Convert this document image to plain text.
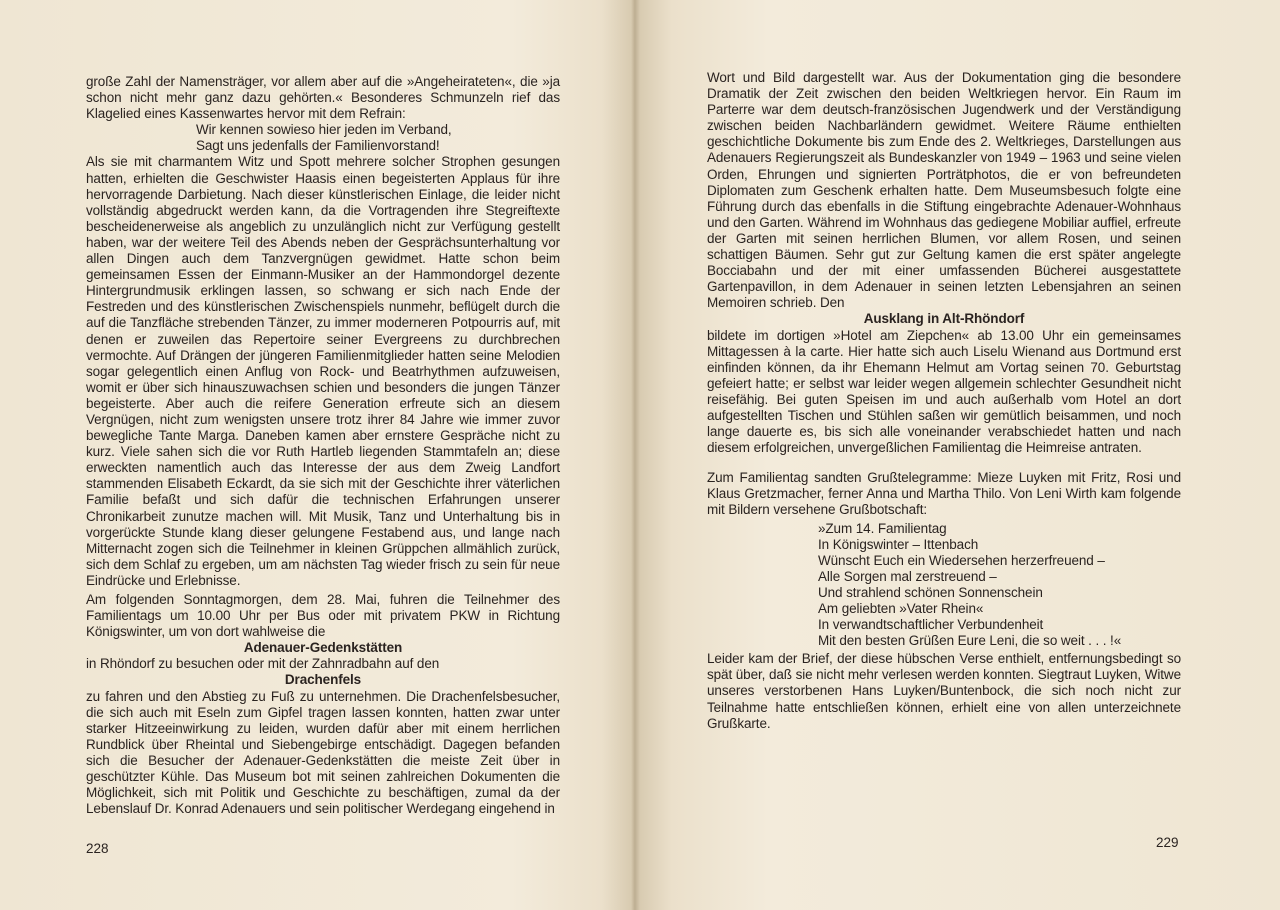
große Zahl der Namensträger, vor allem aber auf die »Angeheirateten«, die »ja schon nicht mehr ganz dazu gehörten.« Besonderes Schmunzeln rief das Klagelied eines Kassenwartes hervor mit dem Refrain:

Wir kennen sowieso hier jeden im Verband,

Sagt uns jedenfalls der Familienvorstand!

Als sie mit charmantem Witz und Spott mehrere solcher Strophen gesungen hatten, erhielten die Geschwister Haasis einen begeisterten Applaus für ihre hervorragende Darbietung. Nach dieser künstlerischen Einlage, die leider nicht vollständig abgedruckt werden kann, da die Vortragenden ihre Stegreiftexte bescheidenerweise als angeblich zu unzulänglich nicht zur Verfügung gestellt haben, war der weitere Teil des Abends neben der Gesprächsunterhaltung vor allen Dingen auch dem Tanzvergnügen gewidmet. Hatte schon beim gemeinsamen Essen der Einmann-Musiker an der Hammondorgel dezente Hintergrundmusik erklingen lassen, so schwang er sich nach Ende der Festreden und des künstlerischen Zwischenspiels nunmehr, beflügelt durch die auf die Tanzfläche strebenden Tänzer, zu immer moderneren Potpourris auf, mit denen er zuweilen das Repertoire seiner Evergreens zu durchbrechen vermochte. Auf Drängen der jüngeren Familienmitglieder hatten seine Melodien sogar gelegentlich einen Anflug von Rock- und Beatrhythmen aufzuweisen, womit er über sich hinauszuwachsen schien und besonders die jungen Tänzer begeisterte. Aber auch die reifere Generation erfreute sich an diesem Vergnügen, nicht zum wenigsten unsere trotz ihrer 84 Jahre wie immer zuvor bewegliche Tante Marga. Daneben kamen aber ernstere Gespräche nicht zu kurz. Viele sahen sich die vor Ruth Hartleb liegenden Stammtafeln an; diese erweckten namentlich auch das Interesse der aus dem Zweig Landfort stammenden Elisabeth Eckardt, da sie sich mit der Geschichte ihrer väterlichen Familie befaßt und sich dafür die technischen Erfahrungen unserer Chronikarbeit zunutze machen will. Mit Musik, Tanz und Unterhaltung bis in vorgerückte Stunde klang dieser gelungene Festabend aus, und lange nach Mitternacht zogen sich die Teilnehmer in kleinen Grüppchen allmählich zurück, sich dem Schlaf zu ergeben, um am nächsten Tag wieder frisch zu sein für neue Eindrücke und Erlebnisse.

Am folgenden Sonntagmorgen, dem 28. Mai, fuhren die Teilnehmer des Familientags um 10.00 Uhr per Bus oder mit privatem PKW in Richtung Königswinter, um von dort wahlweise die

Adenauer-Gedenkstätten

in Rhöndorf zu besuchen oder mit der Zahnradbahn auf den

Drachenfels

zu fahren und den Abstieg zu Fuß zu unternehmen. Die Drachenfelsbesucher, die sich auch mit Eseln zum Gipfel tragen lassen konnten, hatten zwar unter starker Hitzeeinwirkung zu leiden, wurden dafür aber mit einem herrlichen Rundblick über Rheintal und Siebengebirge entschädigt. Dagegen befanden sich die Besucher der Adenauer-Gedenkstätten die meiste Zeit über in geschützter Kühle. Das Museum bot mit seinen zahlreichen Dokumenten die Möglichkeit, sich mit Politik und Geschichte zu beschäftigen, zumal da der Lebenslauf Dr. Konrad Adenauers und sein politischer Werdegang eingehend in

228

Wort und Bild dargestellt war. Aus der Dokumentation ging die besondere Dramatik der Zeit zwischen den beiden Weltkriegen hervor. Ein Raum im Parterre war dem deutsch-französischen Jugendwerk und der Verständigung zwischen beiden Nachbarländern gewidmet. Weitere Räume enthielten geschichtliche Dokumente bis zum Ende des 2. Weltkrieges, Darstellungen aus Adenauers Regierungszeit als Bundeskanzler von 1949 – 1963 und seine vielen Orden, Ehrungen und signierten Porträtphotos, die er von befreundeten Diplomaten zum Geschenk erhalten hatte. Dem Museumsbesuch folgte eine Führung durch das ebenfalls in die Stiftung eingebrachte Adenauer-Wohnhaus und den Garten. Während im Wohnhaus das gediegene Mobiliar auffiel, erfreute der Garten mit seinen herrlichen Blumen, vor allem Rosen, und seinen schattigen Bäumen. Sehr gut zur Geltung kamen die erst später angelegte Bocciabahn und der mit einer umfassenden Bücherei ausgestattete Gartenpavillon, in dem Adenauer in seinen letzten Lebensjahren an seinen Memoiren schrieb. Den

Ausklang in Alt-Rhöndorf

bildete im dortigen »Hotel am Ziepchen« ab 13.00 Uhr ein gemeinsames Mittagessen à la carte. Hier hatte sich auch Liselu Wienand aus Dortmund erst einfinden können, da ihr Ehemann Helmut am Vortag seinen 70. Geburtstag gefeiert hatte; er selbst war leider wegen allgemein schlechter Gesundheit nicht reisefähig. Bei guten Speisen im und auch außerhalb vom Hotel an dort aufgestellten Tischen und Stühlen saßen wir gemütlich beisammen, und noch lange dauerte es, bis sich alle voneinander verabschiedet hatten und nach diesem erfolgreichen, unvergeßlichen Familientag die Heimreise antraten.

Zum Familientag sandten Grußtelegramme: Mieze Luyken mit Fritz, Rosi und Klaus Gretzmacher, ferner Anna und Martha Thilo. Von Leni Wirth kam folgende mit Bildern versehene Grußbotschaft:

»Zum 14. Familientag
In Königswinter – Ittenbach
Wünscht Euch ein Wiedersehen herzerfreuend –
Alle Sorgen mal zerstreuend –
Und strahlend schönen Sonnenschein
Am geliebten »Vater Rhein«
In verwandtschaftlicher Verbundenheit
Mit den besten Grüßen Eure Leni, die so weit . . . !«

Leider kam der Brief, der diese hübschen Verse enthielt, entfernungsbedingt so spät über, daß sie nicht mehr verlesen werden konnten. Siegtraut Luyken, Witwe unseres verstorbenen Hans Luyken/Buntenbock, die sich noch nicht zur Teilnahme hatte entschließen können, erhielt eine von allen unterzeichnete Grußkarte.

229
